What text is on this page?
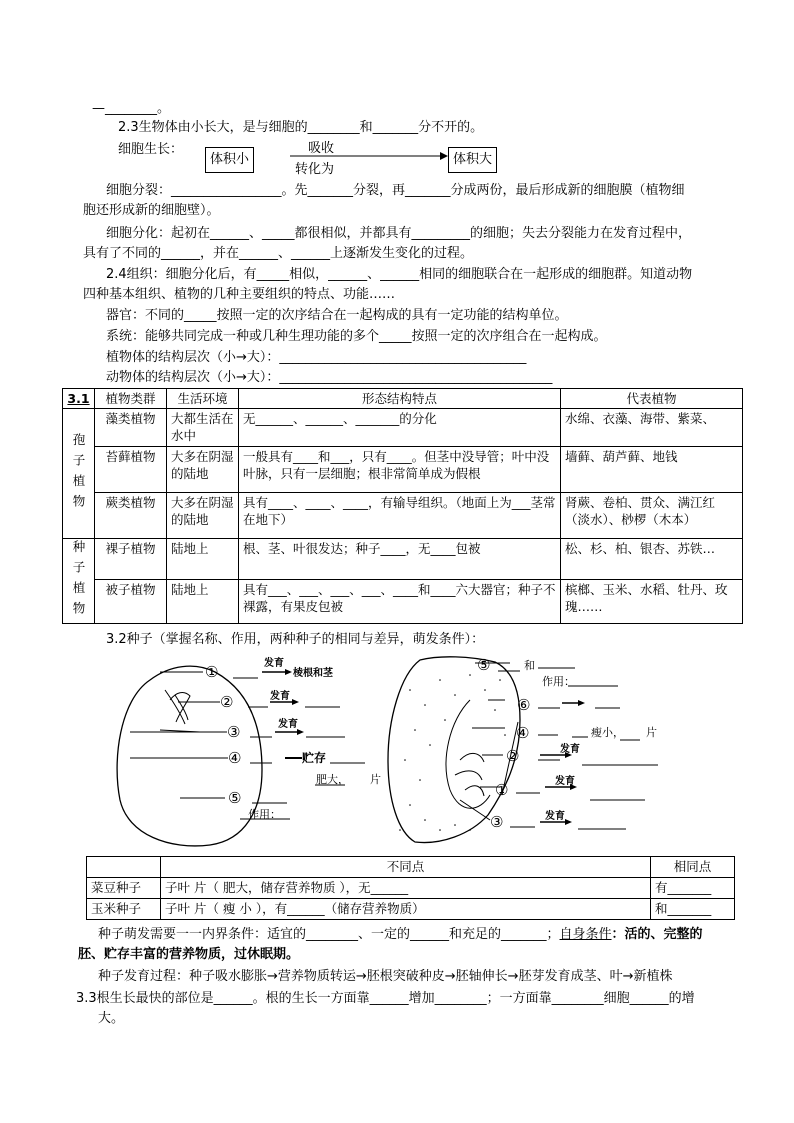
—________。
2.3生物体由小长大，是与细胞的________和_______分不开的。
细胞生长：
体积小
吸收
转化为
体积大
细胞分裂：_________________。先_______分裂，再_______分成两份，最后形成新的细胞膜（植物细
胞还形成新的细胞壁）。
细胞分化：起初在______、_____都很相似，并都具有_________的细胞；失去分裂能力在发育过程中，
具有了不同的______，并在______、______上逐渐发生变化的过程。
2.4组织：细胞分化后，有_____相似，______、______相同的细胞联合在一起形成的细胞群。知道动物
四种基本组织、植物的几种主要组织的特点、功能……
器官：不同的_____按照一定的次序结合在一起构成的具有一定功能的结构单位。
系统：能够共同完成一种或几种生理功能的多个_____按照一定的次序组合在一起构成。
植物体的结构层次（小→大）：______________________________________
动物体的结构层次（小→大）：__________________________________________
3.1	植物类群	生活环境	形态结构特点	代表植物
孢子植物	藻类植物	大都生活在水中	无______、______、_______的分化	水绵、衣藻、海带、紫菜、
	苔藓植物	大多在阴湿的陆地	一般具有____和___，只有____。但茎中没导管；叶中没叶脉，只有一层细胞；根非常简单成为假根	墙藓、葫芦藓、地钱
	蕨类植物	大多在阴湿的陆地	具有____、____、____，有输导组织。（地面上为___茎常在地下）	肾蕨、卷柏、贯众、满江红（淡水）、桫椤（木本）
种子植物	裸子植物	陆地上	根、茎、叶很发达；种子____，无____包被	松、杉、柏、银杏、苏铁…
	被子植物	陆地上	具有___、___、___、___、____和____六大器官；种子不裸露，有果皮包被	槟榔、玉米、水稻、牡丹、玫瑰……
3.2种子（掌握名称、作用，两种种子的相同与差异，萌发条件）：
①	发育
棱根和茎
②	发育
③	发育
④	贮存
肥大， 片
⑤
作用：
⑤	和
作用：
⑥
④	瘦小， 片
②	发育
①	发育
③	发育
	不同点	相同点
菜豆种子	子叶 片（ 肥大，储存营养物质 ），无______	有_______
玉米种子	子叶 片（ 瘦 小 ），有______（储存营养物质）	和_______
种子萌发需要一一内界条件：适宜的________、一定的______和充足的_______；自身条件：活的、完整的
胚、贮存丰富的营养物质，过休眠期。
种子发育过程：种子吸水膨胀→营养物质转运→胚根突破种皮→胚轴伸长→胚芽发育成茎、叶→新植株
3.3根生长最快的部位是______。根的生长一方面靠______增加________；一方面靠________细胞______的增
大。
